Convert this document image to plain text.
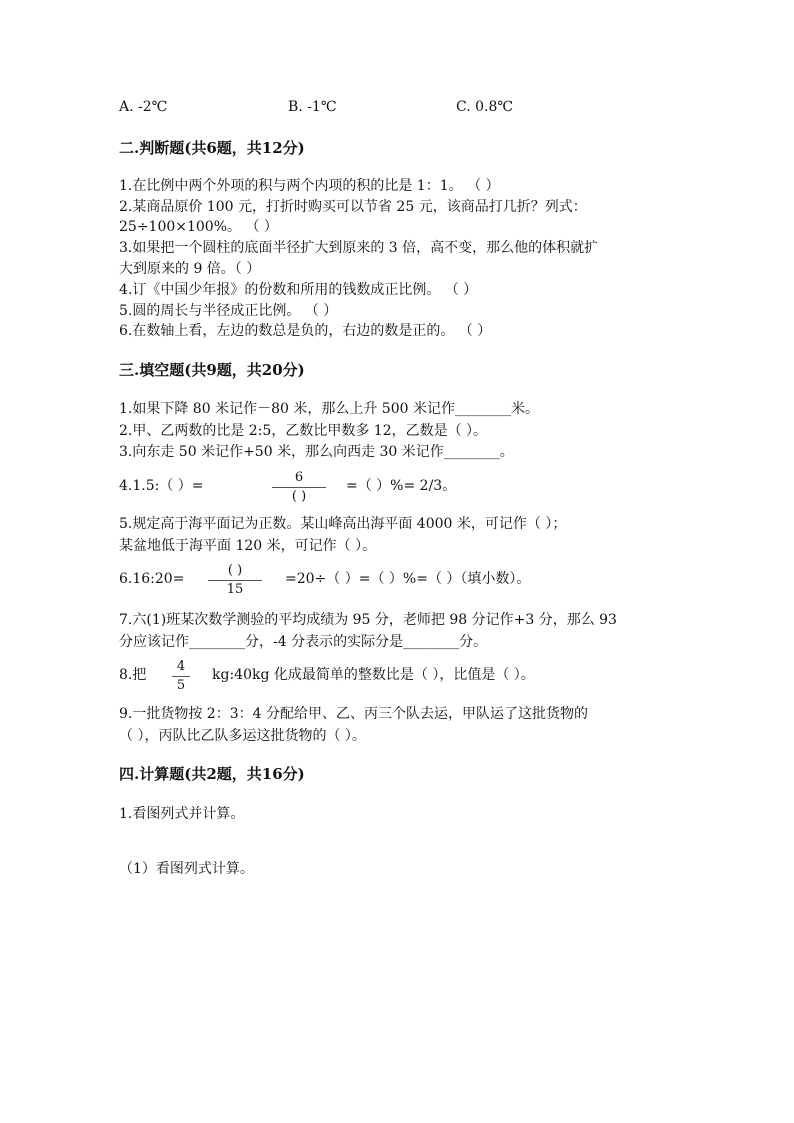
A. -2℃	B. -1℃	C. 0.8℃
二.判断题(共6题，共12分)
1.在比例中两个外项的积与两个内项的积的比是 1：1。 （ ）
2.某商品原价 100 元，打折时购买可以节省 25 元，该商品打几折？列式：
25÷100×100%。 （ ）
3.如果把一个圆柱的底面半径扩大到原来的 3 倍，高不变，那么他的体积就扩
大到原来的 9 倍。（ ）
4.订《中国少年报》的份数和所用的钱数成正比例。 （ ）
5.圆的周长与半径成正比例。 （ ）
6.在数轴上看，左边的数总是负的，右边的数是正的。 （ ）
三.填空题(共9题，共20分)
1.如果下降 80 米记作－80 米，那么上升 500 米记作________米。
2.甲、乙两数的比是 2:5，乙数比甲数多 12，乙数是（ ）。
3.向东走 50 米记作+50 米，那么向西走 30 米记作________。
4.1.5:（ ）=
6
( )
=（ ）%= 2/3。
5.规定高于海平面记为正数。某山峰高出海平面 4000 米，可记作（ ）；
某盆地低于海平面 120 米，可记作（ ）。
6.16:20=
( )
15
=20÷（ ）=（ ）%=（ ）（填小数）。
7.六(1)班某次数学测验的平均成绩为 95 分，老师把 98 分记作+3 分，那么 93
分应该记作________分，-4 分表示的实际分是________分。
8.把
4
5
kg:40kg 化成最简单的整数比是（ ），比值是（ ）。
9.一批货物按 2：3：4 分配给甲、乙、丙三个队去运，甲队运了这批货物的
（ ），丙队比乙队多运这批货物的（ ）。
四.计算题(共2题，共16分)
1.看图列式并计算。
（1）看图列式计算。
